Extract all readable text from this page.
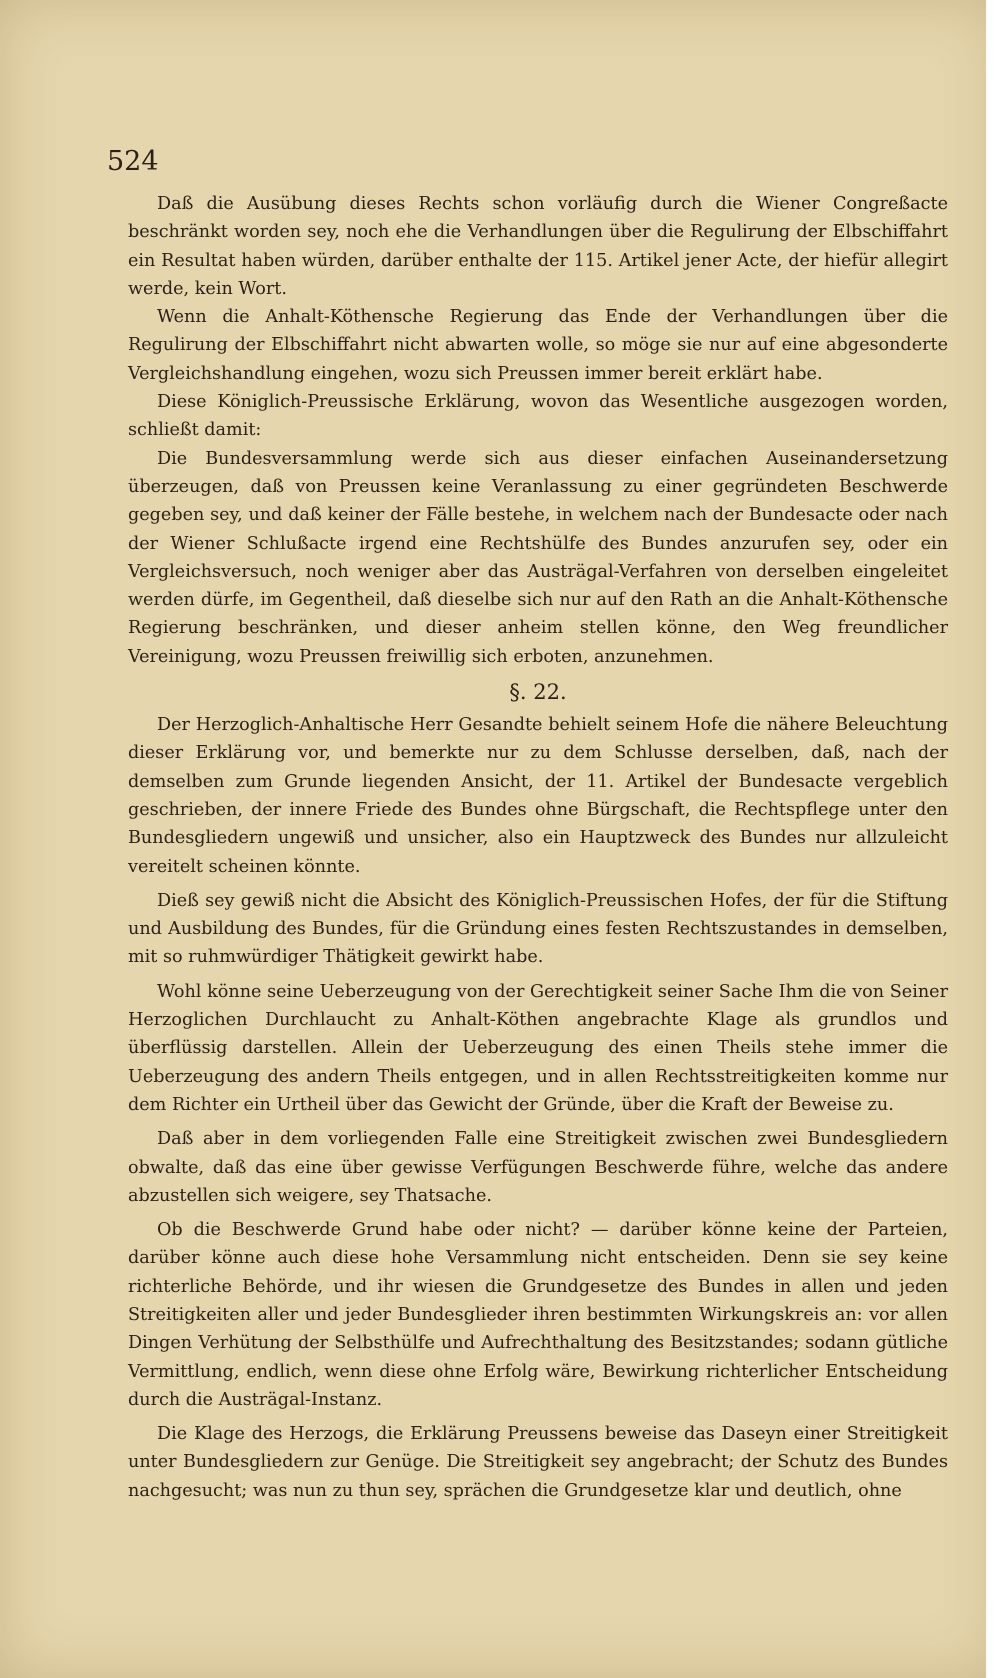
524

Daß die Ausübung dieses Rechts schon vorläufig durch die Wiener Congreßacte beschränkt worden sey, noch ehe die Verhandlungen über die Regulirung der Elbschiffahrt ein Resultat haben würden, darüber enthalte der 115. Artikel jener Acte, der hiefür allegirt werde, kein Wort.

Wenn die Anhalt-Köthensche Regierung das Ende der Verhandlungen über die Regulirung der Elbschiffahrt nicht abwarten wolle, so möge sie nur auf eine abgesonderte Vergleichshandlung eingehen, wozu sich Preussen immer bereit erklärt habe.

Diese Königlich-Preussische Erklärung, wovon das Wesentliche ausgezogen worden, schließt damit:

Die Bundesversammlung werde sich aus dieser einfachen Auseinandersetzung überzeugen, daß von Preussen keine Veranlassung zu einer gegründeten Beschwerde gegeben sey, und daß keiner der Fälle bestehe, in welchem nach der Bundesacte oder nach der Wiener Schlußacte irgend eine Rechtshülfe des Bundes anzurufen sey, oder ein Vergleichsversuch, noch weniger aber das Austrägal-Verfahren von derselben eingeleitet werden dürfe, im Gegentheil, daß dieselbe sich nur auf den Rath an die Anhalt-Köthensche Regierung beschränken, und dieser anheim stellen könne, den Weg freundlicher Vereinigung, wozu Preussen freiwillig sich erboten, anzunehmen.

§. 22.

Der Herzoglich-Anhaltische Herr Gesandte behielt seinem Hofe die nähere Beleuchtung dieser Erklärung vor, und bemerkte nur zu dem Schlusse derselben, daß, nach der demselben zum Grunde liegenden Ansicht, der 11. Artikel der Bundesacte vergeblich geschrieben, der innere Friede des Bundes ohne Bürgschaft, die Rechtspflege unter den Bundesgliedern ungewiß und unsicher, also ein Hauptzweck des Bundes nur allzuleicht vereitelt scheinen könnte.

Dieß sey gewiß nicht die Absicht des Königlich-Preussischen Hofes, der für die Stiftung und Ausbildung des Bundes, für die Gründung eines festen Rechtszustandes in demselben, mit so ruhmwürdiger Thätigkeit gewirkt habe.

Wohl könne seine Ueberzeugung von der Gerechtigkeit seiner Sache Ihm die von Seiner Herzoglichen Durchlaucht zu Anhalt-Köthen angebrachte Klage als grundlos und überflüssig darstellen. Allein der Ueberzeugung des einen Theils stehe immer die Ueberzeugung des andern Theils entgegen, und in allen Rechtsstreitigkeiten komme nur dem Richter ein Urtheil über das Gewicht der Gründe, über die Kraft der Beweise zu.

Daß aber in dem vorliegenden Falle eine Streitigkeit zwischen zwei Bundesgliedern obwalte, daß das eine über gewisse Verfügungen Beschwerde führe, welche das andere abzustellen sich weigere, sey Thatsache.

Ob die Beschwerde Grund habe oder nicht? — darüber könne keine der Parteien, darüber könne auch diese hohe Versammlung nicht entscheiden. Denn sie sey keine richterliche Behörde, und ihr wiesen die Grundgesetze des Bundes in allen und jeden Streitigkeiten aller und jeder Bundesglieder ihren bestimmten Wirkungskreis an: vor allen Dingen Verhütung der Selbsthülfe und Aufrechthaltung des Besitzstandes; sodann gütliche Vermittlung, endlich, wenn diese ohne Erfolg wäre, Bewirkung richterlicher Entscheidung durch die Austrägal-Instanz.

Die Klage des Herzogs, die Erklärung Preussens beweise das Daseyn einer Streitigkeit unter Bundesgliedern zur Genüge. Die Streitigkeit sey angebracht; der Schutz des Bundes nachgesucht; was nun zu thun sey, sprächen die Grundgesetze klar und deutlich, ohne
